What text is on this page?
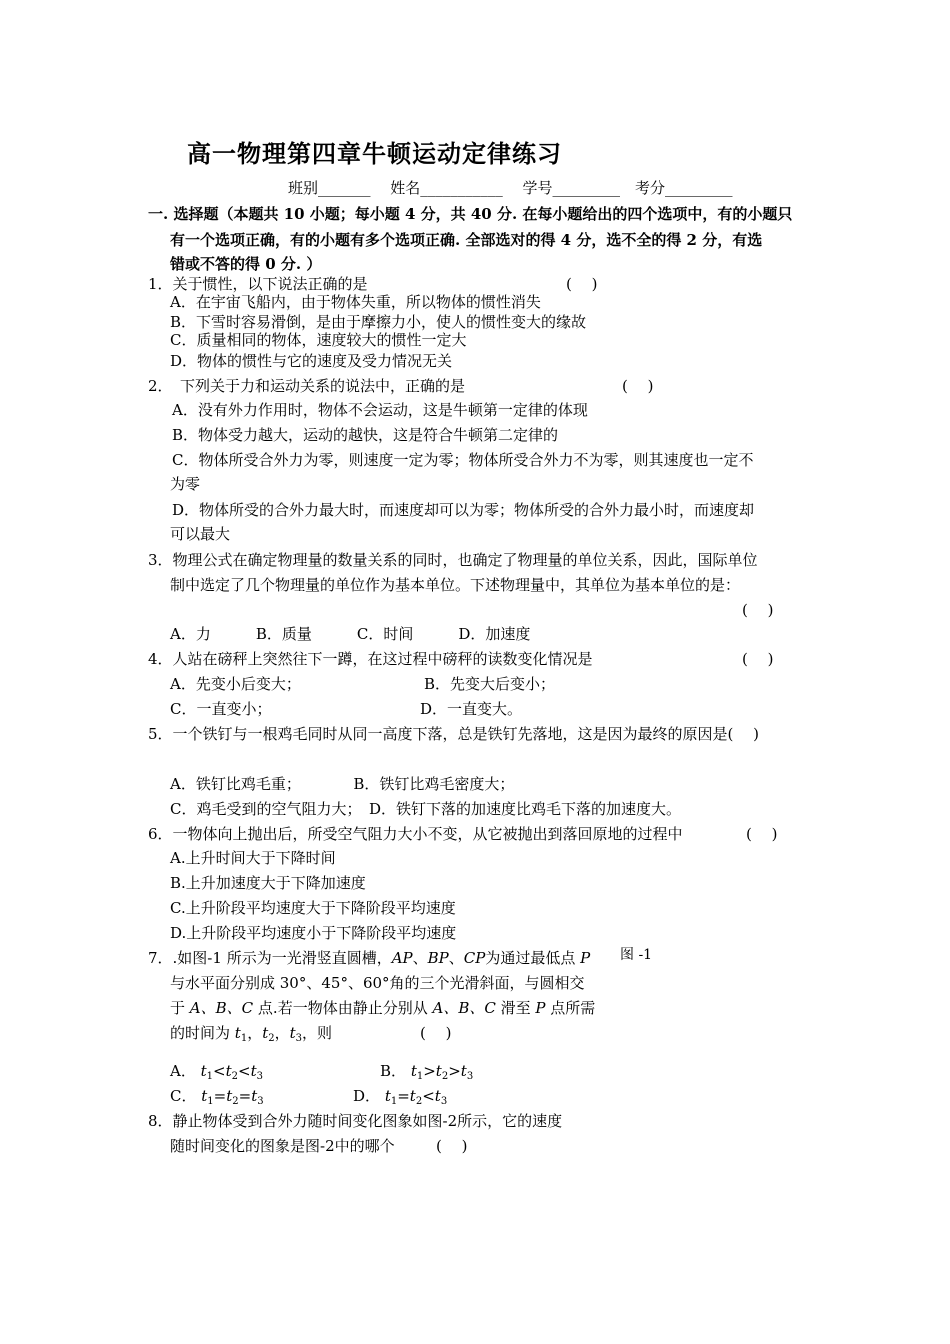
高一物理第四章牛顿运动定律练习
班别_______　 姓名___________　 学号_________　考分_________
一. 选择题（本题共 10 小题；每小题 4 分，共 40 分. 在每小题给出的四个选项中，有的小题只
有一个选项正确，有的小题有多个选项正确. 全部选对的得 4 分，选不全的得 2 分，有选
错或不答的得 0 分. ）
1．关于惯性，以下说法正确的是	(　 )
A．在宇宙飞船内，由于物体失重，所以物体的惯性消失
B．下雪时容易滑倒，是由于摩擦力小，使人的惯性变大的缘故
C．质量相同的物体，速度较大的惯性一定大
D．物体的惯性与它的速度及受力情况无关
2．　下列关于力和运动关系的说法中，正确的是	(　 )
A．没有外力作用时，物体不会运动，这是牛顿第一定律的体现
B．物体受力越大，运动的越快，这是符合牛顿第二定律的
C．物体所受合外力为零，则速度一定为零；物体所受合外力不为零，则其速度也一定不
为零
D．物体所受的合外力最大时，而速度却可以为零；物体所受的合外力最小时，而速度却
可以最大
3．物理公式在确定物理量的数量关系的同时，也确定了物理量的单位关系，因此，国际单位
制中选定了几个物理量的单位作为基本单位。下述物理量中，其单位为基本单位的是：
(　 )
A．力　　　B．质量　　　C．时间　　　D．加速度
4．人站在磅秤上突然往下一蹲，在这过程中磅秤的读数变化情况是	(　 )
A．先变小后变大；	B．先变大后变小；
C．一直变小；	D．一直变大。
5．一个铁钉与一根鸡毛同时从同一高度下落，总是铁钉先落地，这是因为最终的原因是(　 )
A．铁钉比鸡毛重；　　　　B．铁钉比鸡毛密度大；
C．鸡毛受到的空气阻力大；　D．铁钉下落的加速度比鸡毛下落的加速度大。
6．一物体向上抛出后，所受空气阻力大小不变，从它被抛出到落回原地的过程中	(　 )
A.上升时间大于下降时间
B.上升加速度大于下降加速度
C.上升阶段平均速度大于下降阶段平均速度
D.上升阶段平均速度小于下降阶段平均速度
7．.如图-1 所示为一光滑竖直圆槽，AP、BP、CP为通过最低点 P 图 -1
与水平面分别成 30°、45°、60°角的三个光滑斜面，与圆相交
于 A、B、C 点.若一物体由静止分别从 A、B、C 滑至 P 点所需
的时间为 $t_1$，$t_2$，$t_3$，则	(　 )
A． $t_1<t_2<t_3$	B． $t_1>t_2>t_3$
C． $t_1=t_2=t_3$	D． $t_1=t_2<t_3$
8．静止物体受到合外力随时间变化图象如图-2所示，它的速度
随时间变化的图象是图-2中的哪个	(　 )
